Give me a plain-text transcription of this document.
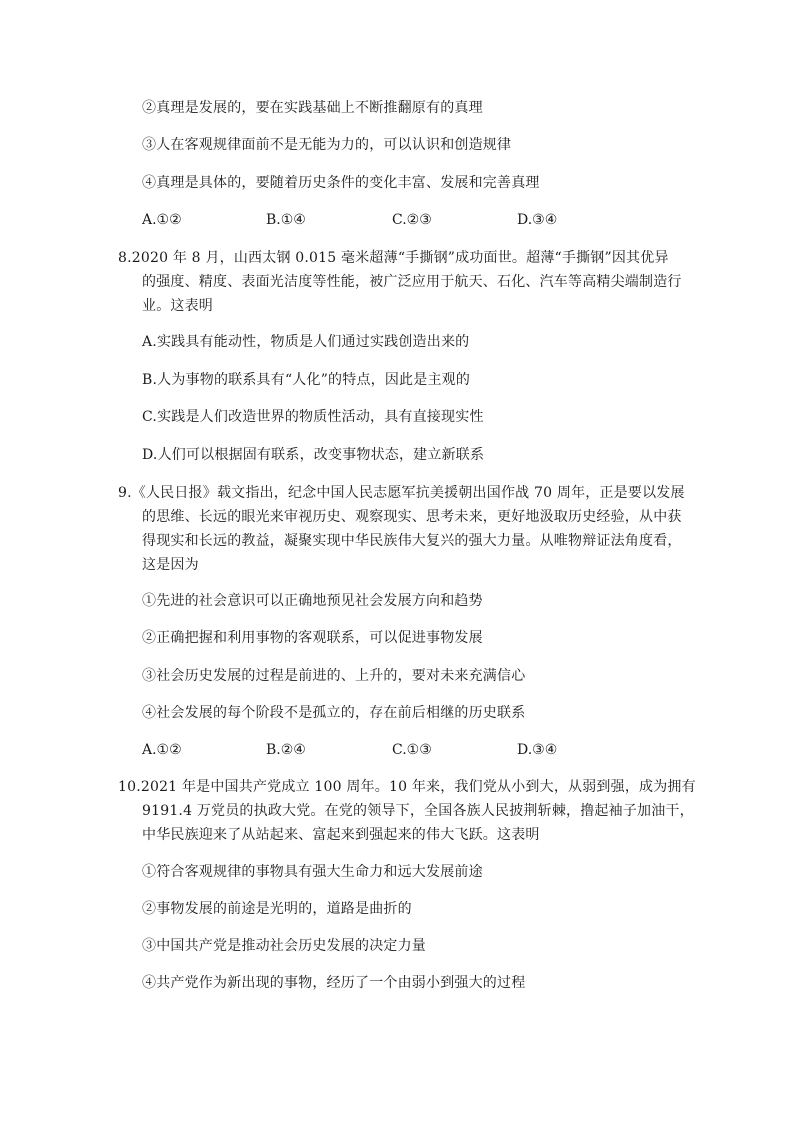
②真理是发展的，要在实践基础上不断推翻原有的真理
③人在客观规律面前不是无能为力的，可以认识和创造规律
④真理是具体的，要随着历史条件的变化丰富、发展和完善真理
A.①②	B.①④	C.②③	D.③④
8.2020 年 8 月，山西太钢 0.015 毫米超薄“手撕钢”成功面世。超薄“手撕钢”因其优异
的强度、精度、表面光洁度等性能，被广泛应用于航天、石化、汽车等高精尖端制造行
业。这表明
A.实践具有能动性，物质是人们通过实践创造出来的
B.人为事物的联系具有“人化”的特点，因此是主观的
C.实践是人们改造世界的物质性活动，具有直接现实性
D.人们可以根据固有联系，改变事物状态，建立新联系
9.《人民日报》载文指出，纪念中国人民志愿军抗美援朝出国作战 70 周年，正是要以发展
的思维、长远的眼光来审视历史、观察现实、思考未来，更好地汲取历史经验，从中获
得现实和长远的教益，凝聚实现中华民族伟大复兴的强大力量。从唯物辩证法角度看，
这是因为
①先进的社会意识可以正确地预见社会发展方向和趋势
②正确把握和利用事物的客观联系，可以促进事物发展
③社会历史发展的过程是前进的、上升的，要对未来充满信心
④社会发展的每个阶段不是孤立的，存在前后相继的历史联系
A.①②	B.②④	C.①③	D.③④
10.2021 年是中国共产党成立 100 周年。10 年来，我们党从小到大，从弱到强，成为拥有
9191.4 万党员的执政大党。在党的领导下，全国各族人民披荆斩棘，撸起袖子加油干，
中华民族迎来了从站起来、富起来到强起来的伟大飞跃。这表明
①符合客观规律的事物具有强大生命力和远大发展前途
②事物发展的前途是光明的，道路是曲折的
③中国共产党是推动社会历史发展的决定力量
④共产党作为新出现的事物，经历了一个由弱小到强大的过程
